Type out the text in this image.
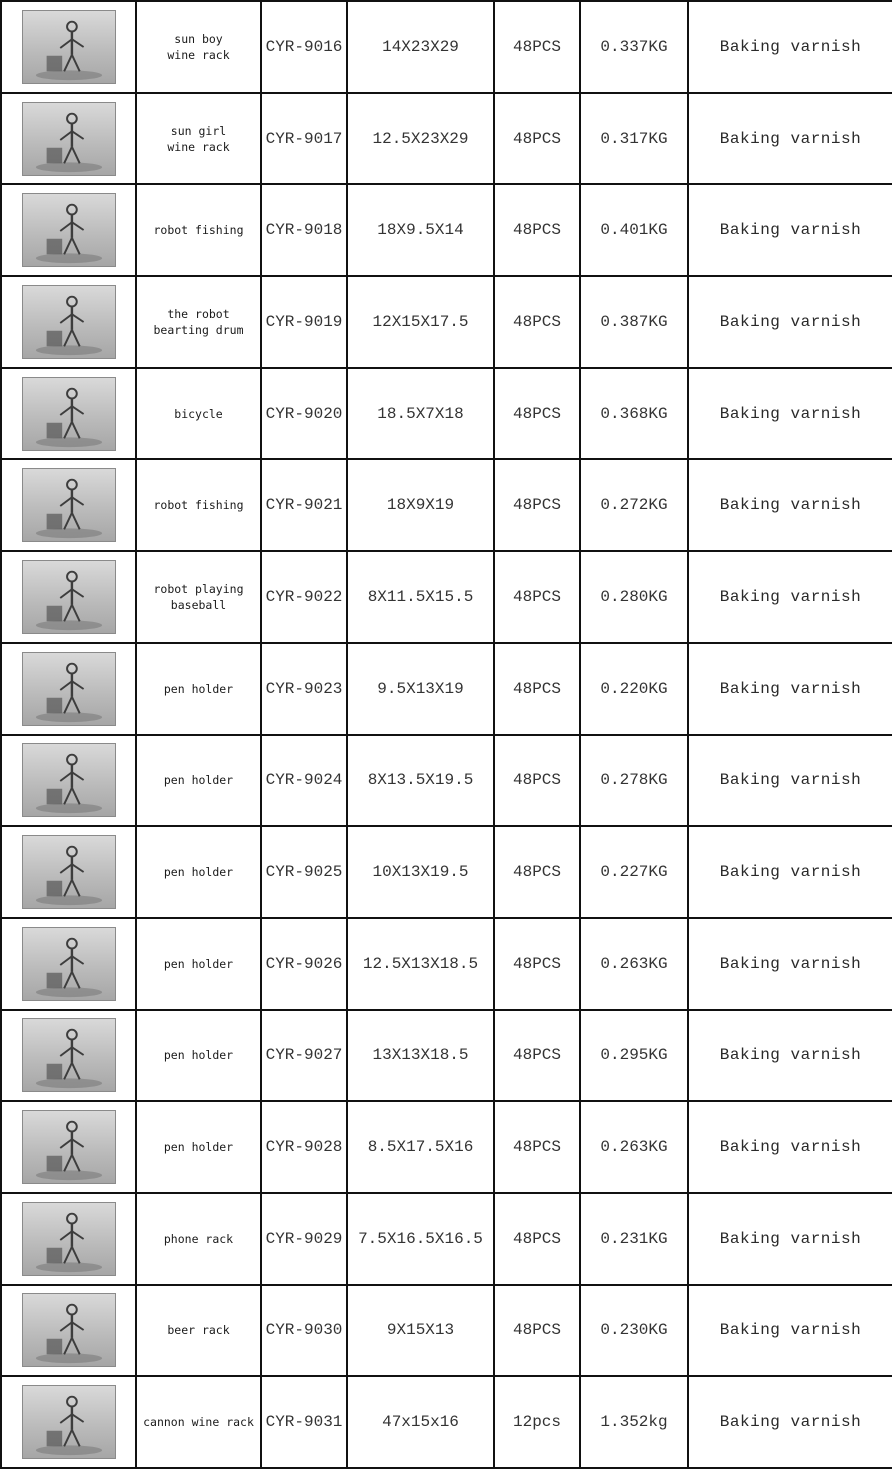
	sun boy
wine rack	CYR-9016	14X23X29	48PCS	0.337KG	Baking varnish

	sun girl
wine rack	CYR-9017	12.5X23X29	48PCS	0.317KG	Baking varnish

	robot fishing	CYR-9018	18X9.5X14	48PCS	0.401KG	Baking varnish

	the robot
bearting drum	CYR-9019	12X15X17.5	48PCS	0.387KG	Baking varnish

	bicycle	CYR-9020	18.5X7X18	48PCS	0.368KG	Baking varnish

	robot fishing	CYR-9021	18X9X19	48PCS	0.272KG	Baking varnish

	robot playing
baseball	CYR-9022	8X11.5X15.5	48PCS	0.280KG	Baking varnish

	pen holder	CYR-9023	9.5X13X19	48PCS	0.220KG	Baking varnish

	pen holder	CYR-9024	8X13.5X19.5	48PCS	0.278KG	Baking varnish

	pen holder	CYR-9025	10X13X19.5	48PCS	0.227KG	Baking varnish

	pen holder	CYR-9026	12.5X13X18.5	48PCS	0.263KG	Baking varnish

	pen holder	CYR-9027	13X13X18.5	48PCS	0.295KG	Baking varnish

	pen holder	CYR-9028	8.5X17.5X16	48PCS	0.263KG	Baking varnish

	phone rack	CYR-9029	7.5X16.5X16.5	48PCS	0.231KG	Baking varnish

	beer rack	CYR-9030	9X15X13	48PCS	0.230KG	Baking varnish

	cannon wine rack	CYR-9031	47x15x16	12pcs	1.352kg	Baking varnish
